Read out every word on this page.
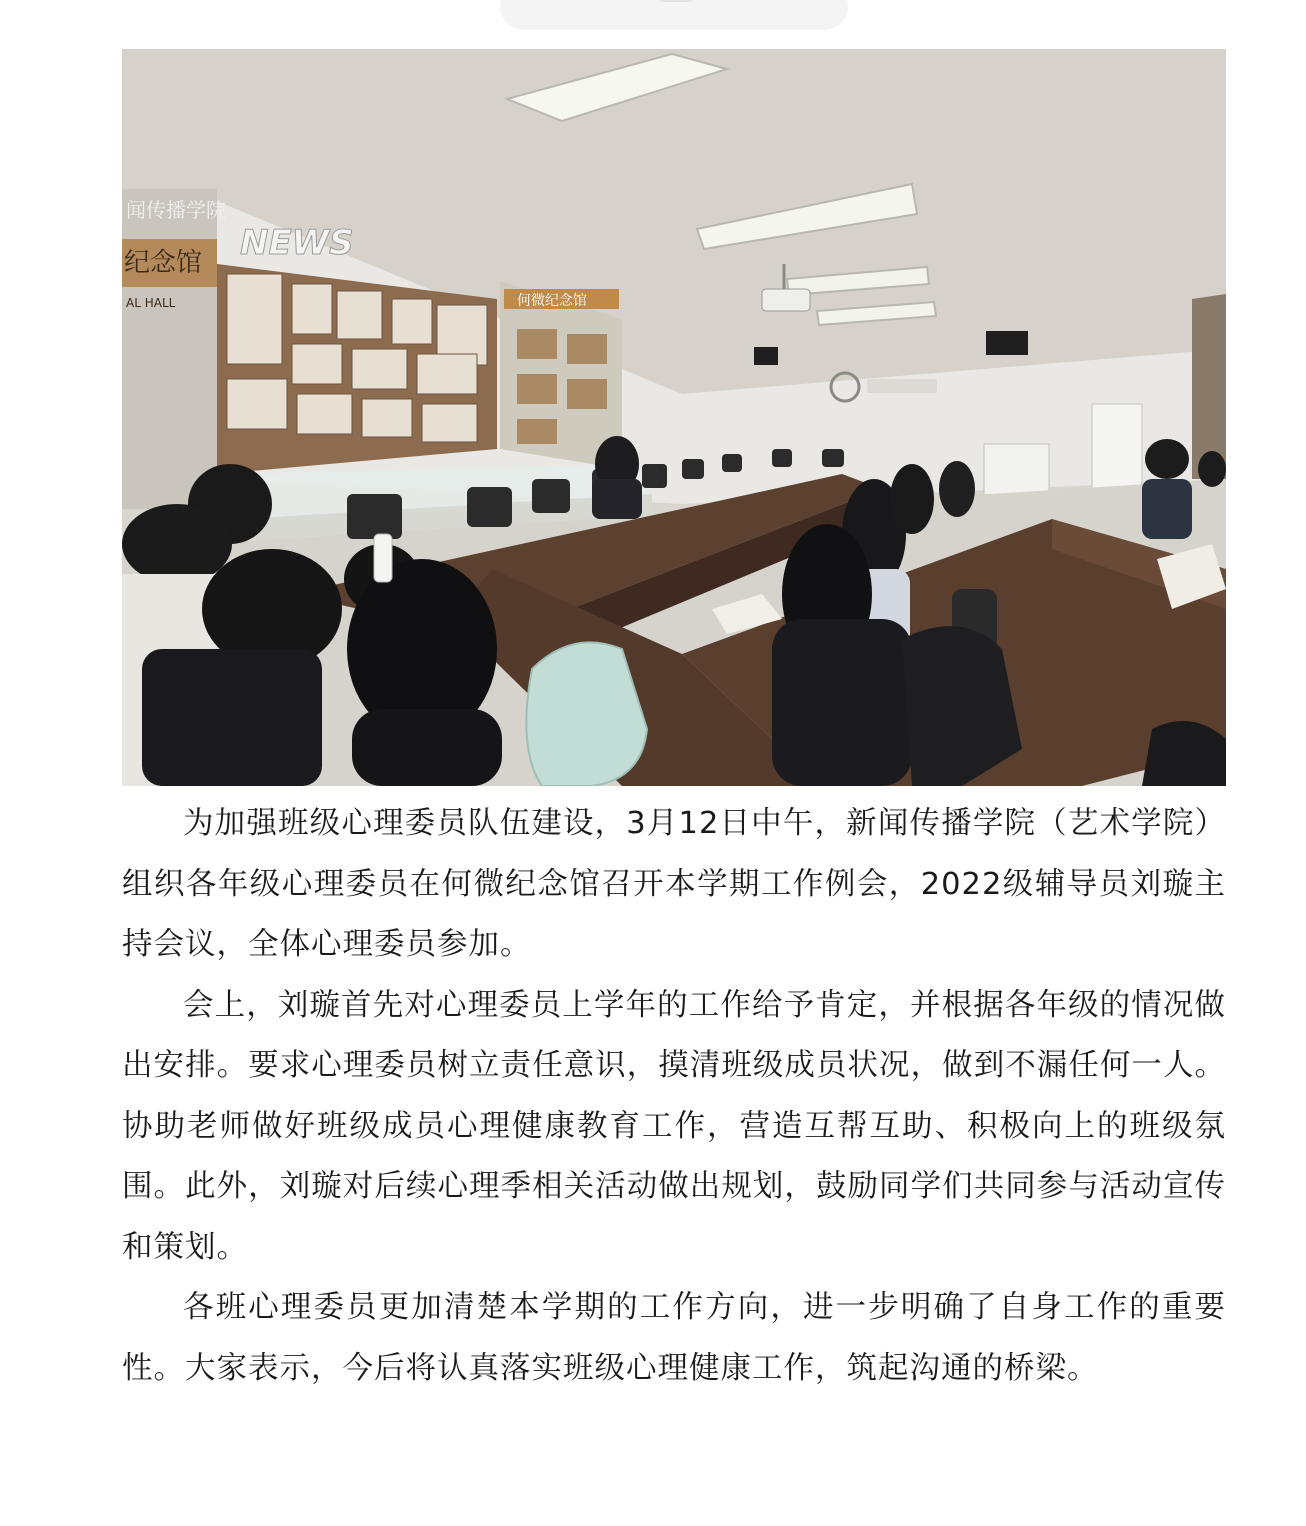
闻传播学院
纪念馆
AL HALL
NEWS
何微纪念馆

为加强班级心理委员队伍建设，3月12日中午，新闻传播学院（艺术学院）组织各年级心理委员在何微纪念馆召开本学期工作例会，2022级辅导员刘璇主持会议，全体心理委员参加。

会上，刘璇首先对心理委员上学年的工作给予肯定，并根据各年级的情况做出安排。要求心理委员树立责任意识，摸清班级成员状况，做到不漏任何一人。协助老师做好班级成员心理健康教育工作，营造互帮互助、积极向上的班级氛围。此外，刘璇对后续心理季相关活动做出规划，鼓励同学们共同参与活动宣传和策划。

各班心理委员更加清楚本学期的工作方向，进一步明确了自身工作的重要性。大家表示，今后将认真落实班级心理健康工作，筑起沟通的桥梁。
